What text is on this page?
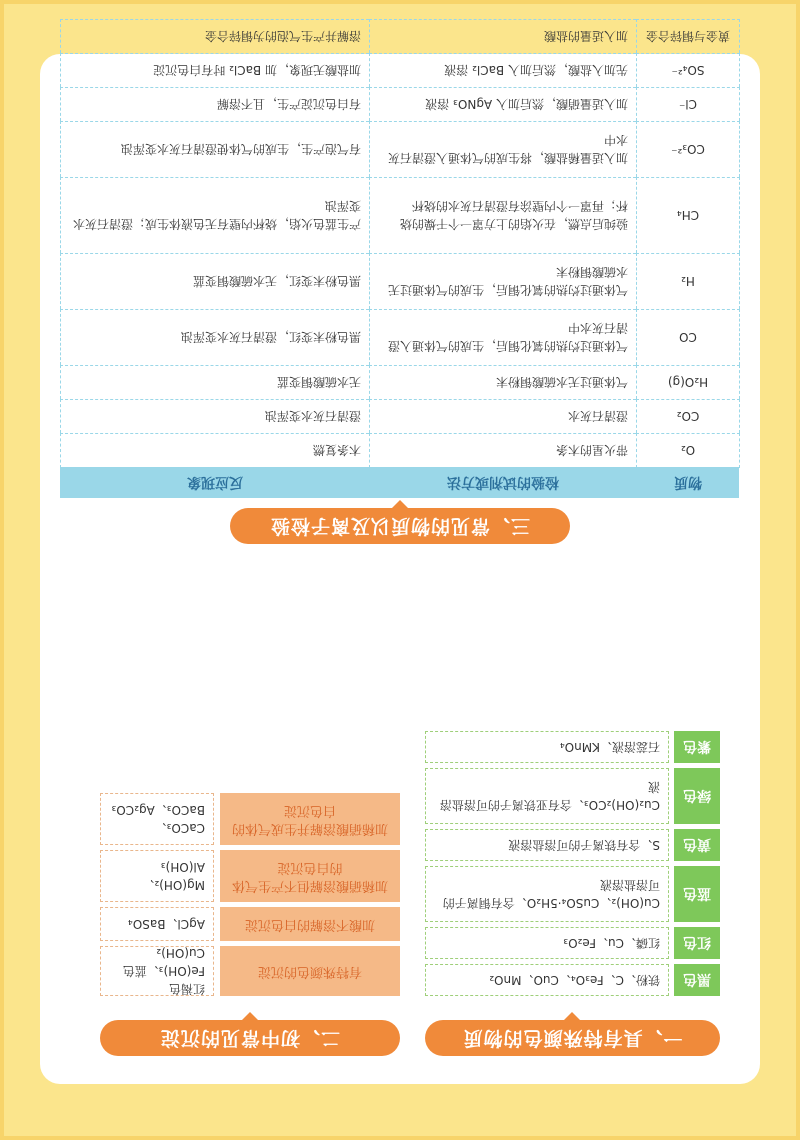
一、具有特殊颜色的物质
黑色
铁粉、C、Fe₃O₄、CuO、MnO₂
红色
红磷、Cu、Fe₂O₃
蓝色
Cu(OH)₂、CuSO₄·5H₂O、含有铜离子的可溶盐溶液
黄色
S、含有铁离子的可溶盐溶液
绿色
Cu₂(OH)₂CO₃、含有亚铁离子的可溶盐溶液
紫色
石蕊溶液、KMnO₄
二、初中常见的沉淀
有特殊颜色的沉淀
红褐色 Fe(OH)₃、蓝色 Cu(OH)₂
加酸不溶解的白色沉淀
AgCl、BaSO₄
加稀硝酸溶解但不产生气体的白色沉淀
Mg(OH)₂、Al(OH)₃
加稀硝酸溶解并生成气体的白色沉淀
CaCO₃、BaCO₃、Ag₂CO₃
三、常见的物质以及离子检验
物质	检验的试剂或方法	反应现象
O₂	带火星的木条	木条复燃
CO₂	澄清石灰水	澄清石灰水变浑浊
H₂O(g)	气体通过无水硫酸铜粉末	无水硫酸铜变蓝
CO	气体通过灼热的氧化铜后，生成的气体通入澄清石灰水中	黑色粉末变红，澄清石灰水变浑浊
H₂	气体通过灼热的氧化铜后，生成的气体通过无水硫酸铜粉末	黑色粉末变红，无水硫酸铜变蓝
CH₄	验纯后点燃，在火焰的上方罩一个干燥的烧杯；再罩一个内壁涂有澄清石灰水的烧杯	产生蓝色火焰，烧杯内壁有无色液体生成；澄清石灰水变浑浊
CO₃²⁻	加入适量稀盐酸，将生成的气体通入澄清石灰水中	有气泡产生，生成的气体使澄清石灰水变浑浊
Cl⁻	加入适量硝酸，然后加入 AgNO₃ 溶液	有白色沉淀产生，且不溶解
SO₄²⁻	先加入盐酸，然后加入 BaCl₂ 溶液	加盐酸无现象，加 BaCl₂ 时有白色沉淀
黄金与铜锌合金	加入适量的盐酸	溶解并产生气泡的为铜锌合金
